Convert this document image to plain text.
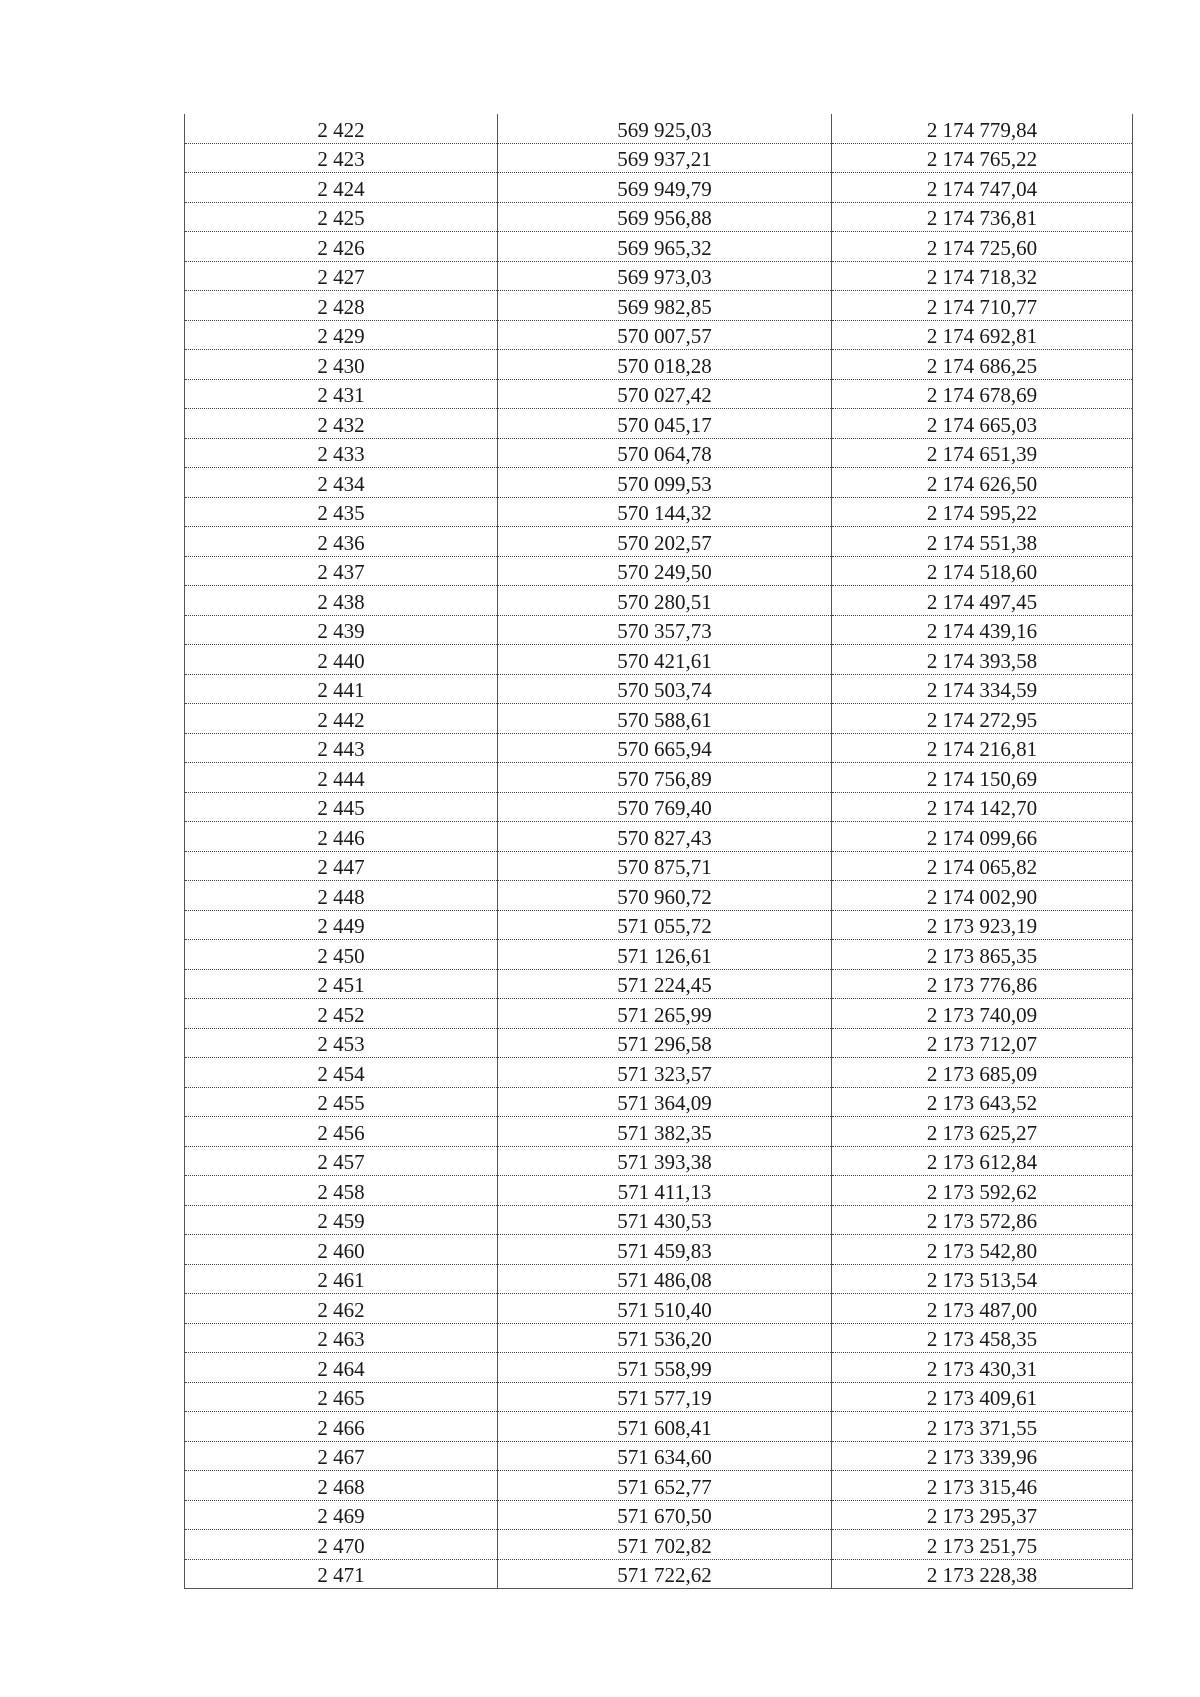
2 422	569 925,03	2 174 779,84
2 423	569 937,21	2 174 765,22
2 424	569 949,79	2 174 747,04
2 425	569 956,88	2 174 736,81
2 426	569 965,32	2 174 725,60
2 427	569 973,03	2 174 718,32
2 428	569 982,85	2 174 710,77
2 429	570 007,57	2 174 692,81
2 430	570 018,28	2 174 686,25
2 431	570 027,42	2 174 678,69
2 432	570 045,17	2 174 665,03
2 433	570 064,78	2 174 651,39
2 434	570 099,53	2 174 626,50
2 435	570 144,32	2 174 595,22
2 436	570 202,57	2 174 551,38
2 437	570 249,50	2 174 518,60
2 438	570 280,51	2 174 497,45
2 439	570 357,73	2 174 439,16
2 440	570 421,61	2 174 393,58
2 441	570 503,74	2 174 334,59
2 442	570 588,61	2 174 272,95
2 443	570 665,94	2 174 216,81
2 444	570 756,89	2 174 150,69
2 445	570 769,40	2 174 142,70
2 446	570 827,43	2 174 099,66
2 447	570 875,71	2 174 065,82
2 448	570 960,72	2 174 002,90
2 449	571 055,72	2 173 923,19
2 450	571 126,61	2 173 865,35
2 451	571 224,45	2 173 776,86
2 452	571 265,99	2 173 740,09
2 453	571 296,58	2 173 712,07
2 454	571 323,57	2 173 685,09
2 455	571 364,09	2 173 643,52
2 456	571 382,35	2 173 625,27
2 457	571 393,38	2 173 612,84
2 458	571 411,13	2 173 592,62
2 459	571 430,53	2 173 572,86
2 460	571 459,83	2 173 542,80
2 461	571 486,08	2 173 513,54
2 462	571 510,40	2 173 487,00
2 463	571 536,20	2 173 458,35
2 464	571 558,99	2 173 430,31
2 465	571 577,19	2 173 409,61
2 466	571 608,41	2 173 371,55
2 467	571 634,60	2 173 339,96
2 468	571 652,77	2 173 315,46
2 469	571 670,50	2 173 295,37
2 470	571 702,82	2 173 251,75
2 471	571 722,62	2 173 228,38
